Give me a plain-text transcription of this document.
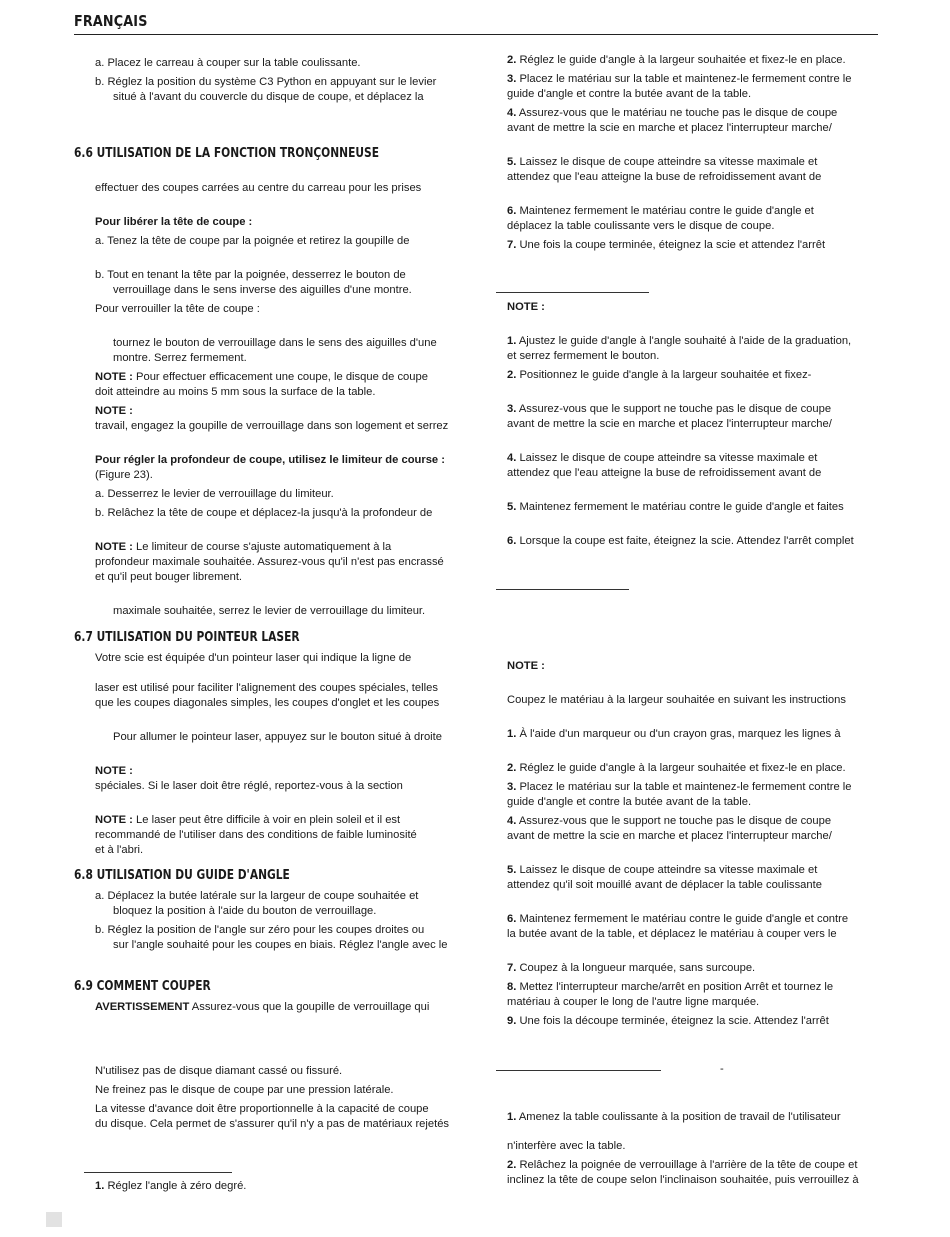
FRANÇAIS
a. Placez le carreau à couper sur la table coulissante.
b. Réglez la position du système C3 Python en appuyant sur le levier
situé à l'avant du couvercle du disque de coupe, et déplacez la
6.6 UTILISATION DE LA FONCTION TRONÇONNEUSE
effectuer des coupes carrées au centre du carreau pour les prises
Pour libérer la tête de coupe :
a. Tenez la tête de coupe par la poignée et retirez la goupille de
b. Tout en tenant la tête par la poignée, desserrez le bouton de
verrouillage dans le sens inverse des aiguilles d'une montre.
Pour verrouiller la tête de coupe :
tournez le bouton de verrouillage dans le sens des aiguilles d'une
montre. Serrez fermement.
NOTE : Pour effectuer efficacement une coupe, le disque de coupe
doit atteindre au moins 5 mm sous la surface de la table.
NOTE :
travail, engagez la goupille de verrouillage dans son logement et serrez
Pour régler la profondeur de coupe, utilisez le limiteur de course :
(Figure 23).
a. Desserrez le levier de verrouillage du limiteur.
b. Relâchez la tête de coupe et déplacez-la jusqu'à la profondeur de
NOTE : Le limiteur de course s'ajuste automatiquement à la
profondeur maximale souhaitée. Assurez-vous qu'il n'est pas encrassé
et qu'il peut bouger librement.
maximale souhaitée, serrez le levier de verrouillage du limiteur.
6.7 UTILISATION DU POINTEUR LASER
Votre scie est équipée d'un pointeur laser qui indique la ligne de
laser est utilisé pour faciliter l'alignement des coupes spéciales, telles
que les coupes diagonales simples, les coupes d'onglet et les coupes
Pour allumer le pointeur laser, appuyez sur le bouton situé à droite
NOTE :
spéciales. Si le laser doit être réglé, reportez-vous à la section
NOTE : Le laser peut être difficile à voir en plein soleil et il est
recommandé de l'utiliser dans des conditions de faible luminosité
et à l'abri.
6.8 UTILISATION DU GUIDE D'ANGLE
a. Déplacez la butée latérale sur la largeur de coupe souhaitée et
bloquez la position à l'aide du bouton de verrouillage.
b. Réglez la position de l'angle sur zéro pour les coupes droites ou
sur l'angle souhaité pour les coupes en biais. Réglez l'angle avec le
6.9 COMMENT COUPER
AVERTISSEMENT Assurez-vous que la goupille de verrouillage qui
N'utilisez pas de disque diamant cassé ou fissuré.
Ne freinez pas le disque de coupe par une pression latérale.
La vitesse d'avance doit être proportionnelle à la capacité de coupe
du disque. Cela permet de s'assurer qu'il n'y a pas de matériaux rejetés
1. Réglez l'angle à zéro degré.
2. Réglez le guide d'angle à la largeur souhaitée et fixez-le en place.
3. Placez le matériau sur la table et maintenez-le fermement contre le
guide d'angle et contre la butée avant de la table.
4. Assurez-vous que le matériau ne touche pas le disque de coupe
avant de mettre la scie en marche et placez l'interrupteur marche/
5. Laissez le disque de coupe atteindre sa vitesse maximale et
attendez que l'eau atteigne la buse de refroidissement avant de
6. Maintenez fermement le matériau contre le guide d'angle et
déplacez la table coulissante vers le disque de coupe.
7. Une fois la coupe terminée, éteignez la scie et attendez l'arrêt
NOTE :
1. Ajustez le guide d'angle à l'angle souhaité à l'aide de la graduation,
et serrez fermement le bouton.
2. Positionnez le guide d'angle à la largeur souhaitée et fixez-
3. Assurez-vous que le support ne touche pas le disque de coupe
avant de mettre la scie en marche et placez l'interrupteur marche/
4. Laissez le disque de coupe atteindre sa vitesse maximale et
attendez que l'eau atteigne la buse de refroidissement avant de
5. Maintenez fermement le matériau contre le guide d'angle et faites
6. Lorsque la coupe est faite, éteignez la scie. Attendez l'arrêt complet
NOTE :
Coupez le matériau à la largeur souhaitée en suivant les instructions
1. À l'aide d'un marqueur ou d'un crayon gras, marquez les lignes à
2. Réglez le guide d'angle à la largeur souhaitée et fixez-le en place.
3. Placez le matériau sur la table et maintenez-le fermement contre le
guide d'angle et contre la butée avant de la table.
4. Assurez-vous que le support ne touche pas le disque de coupe
avant de mettre la scie en marche et placez l'interrupteur marche/
5. Laissez le disque de coupe atteindre sa vitesse maximale et
attendez qu'il soit mouillé avant de déplacer la table coulissante
6. Maintenez fermement le matériau contre le guide d'angle et contre
la butée avant de la table, et déplacez le matériau à couper vers le
7. Coupez à la longueur marquée, sans surcoupe.
8. Mettez l'interrupteur marche/arrêt en position Arrêt et tournez le
matériau à couper le long de l'autre ligne marquée.
9. Une fois la découpe terminée, éteignez la scie. Attendez l'arrêt
-
1. Amenez la table coulissante à la position de travail de l'utilisateur
n'interfère avec la table.
2. Relâchez la poignée de verrouillage à l'arrière de la tête de coupe et
inclinez la tête de coupe selon l'inclinaison souhaitée, puis verrouillez à
